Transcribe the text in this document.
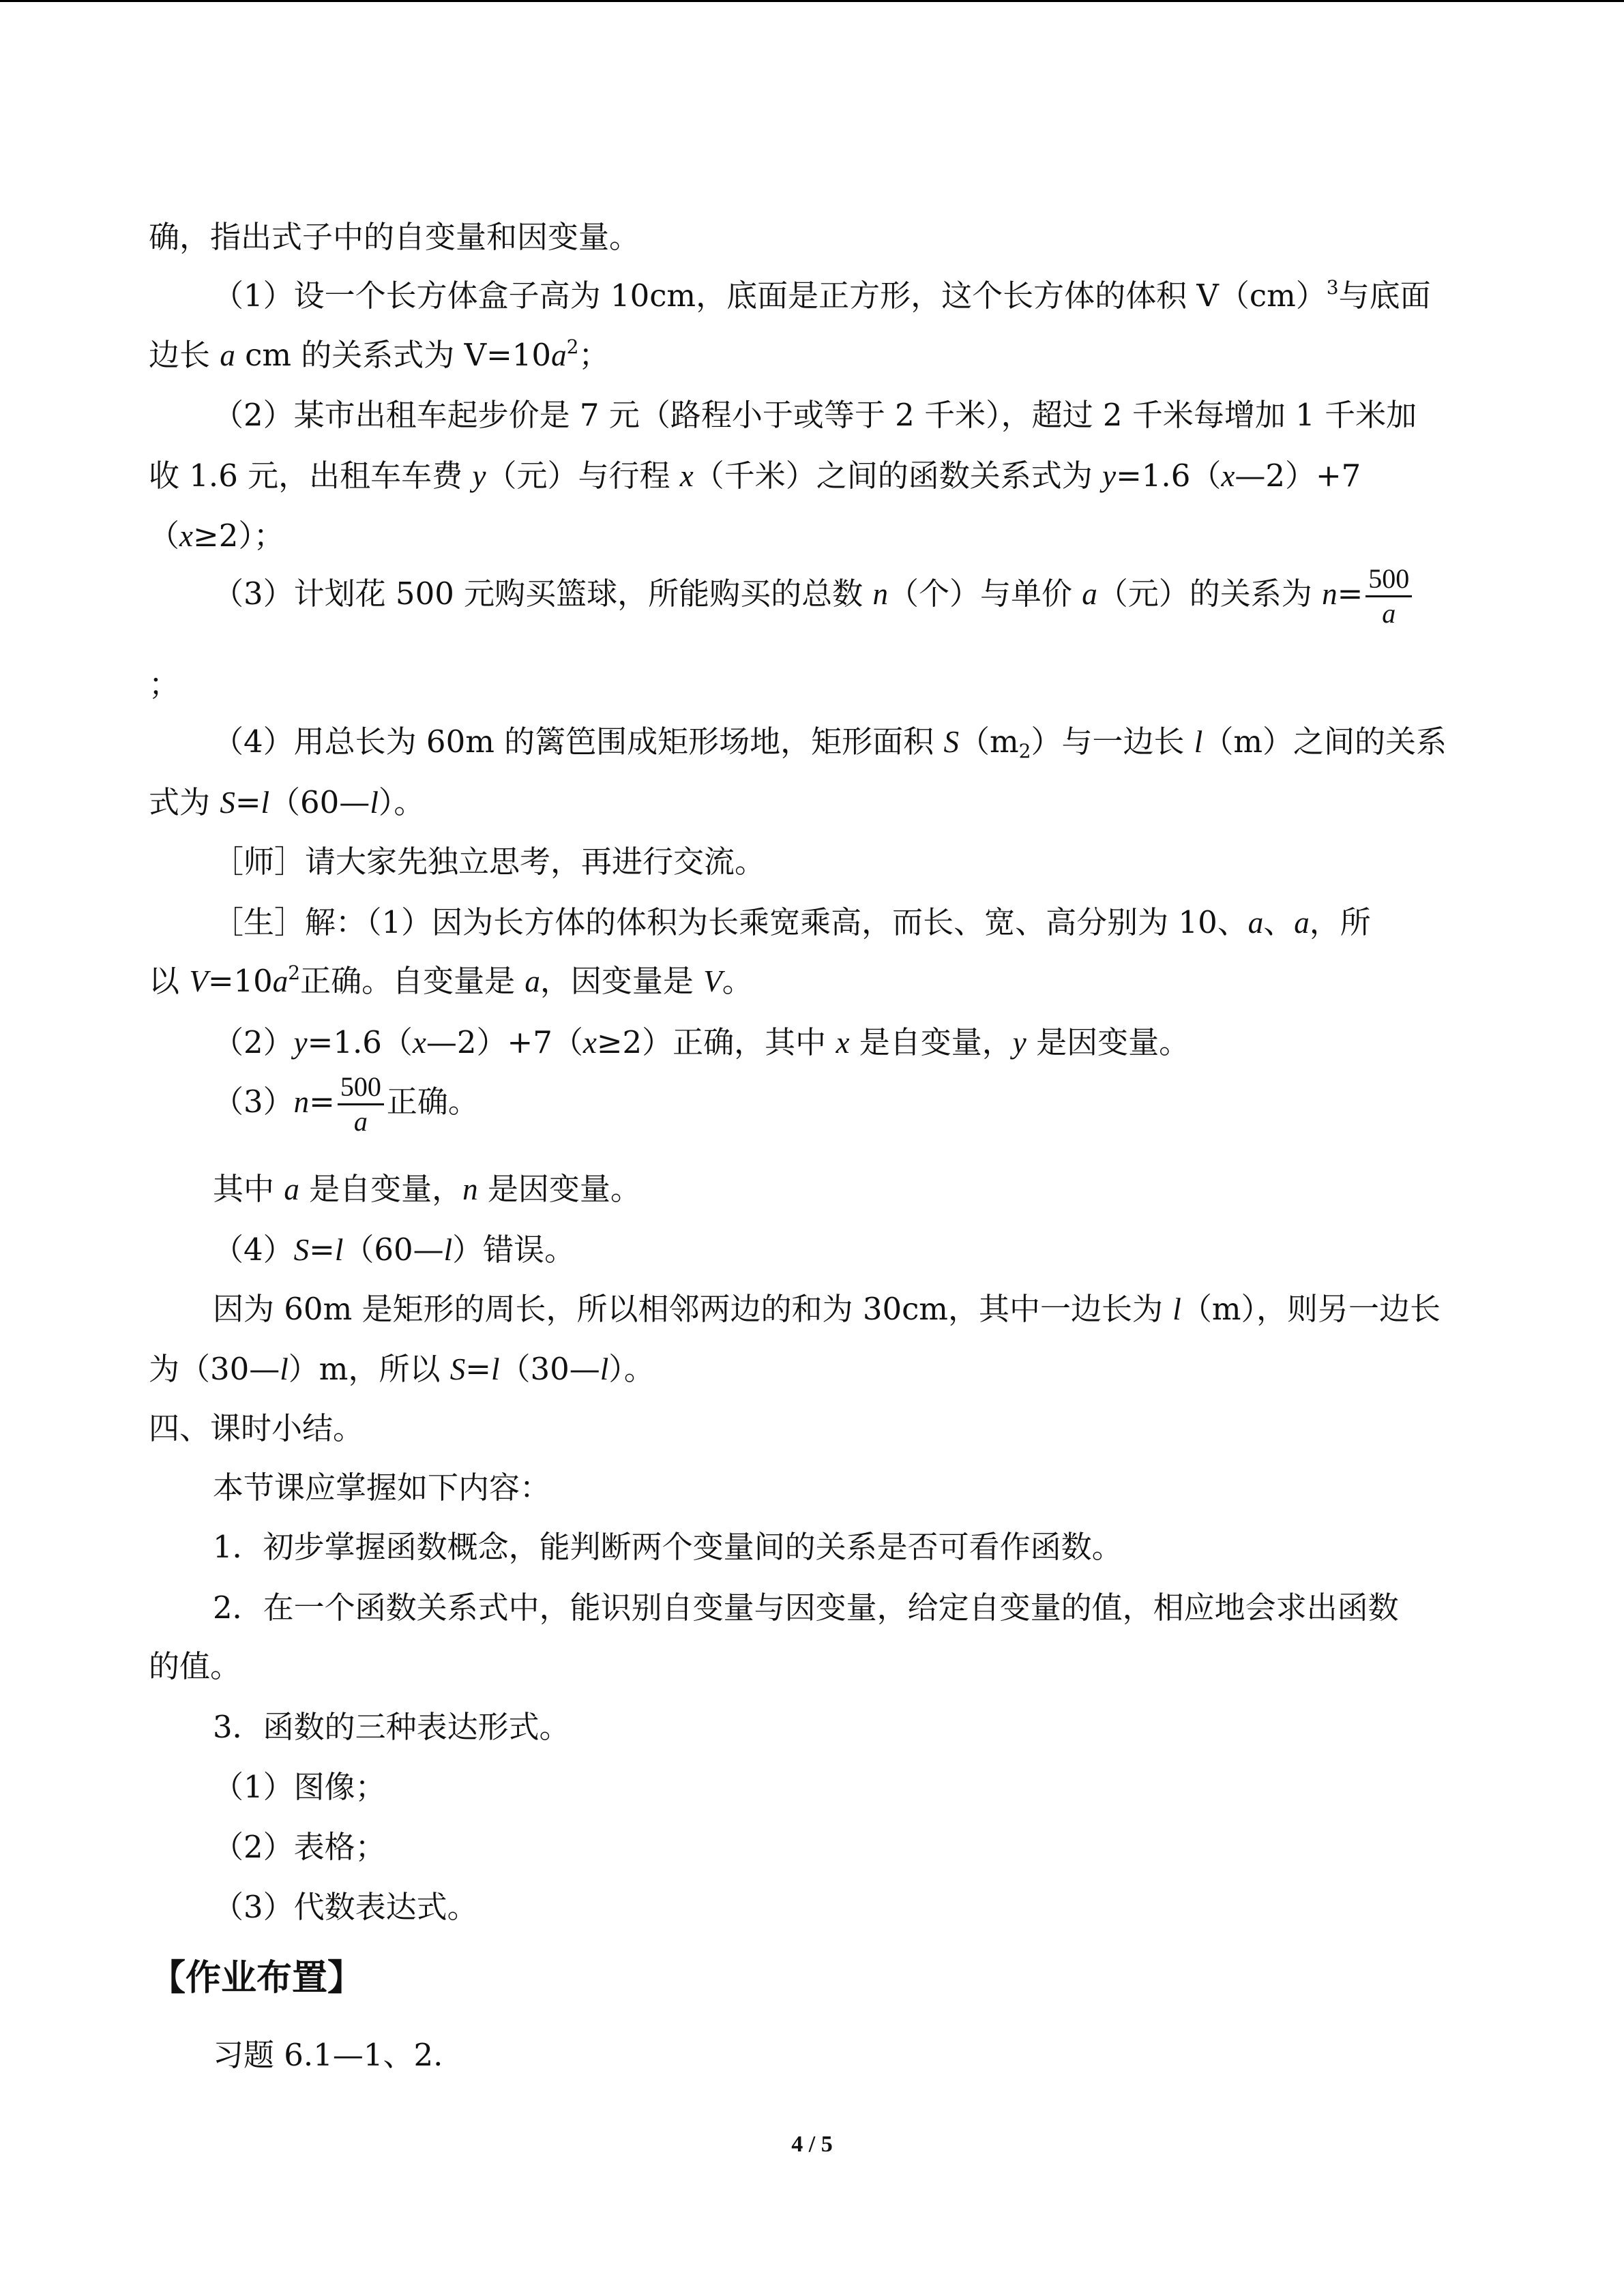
确，指出式子中的自变量和因变量。
（1）设一个长方体盒子高为 10cm，底面是正方形，这个长方体的体积 V（cm）$^3$与底面
边长 a cm 的关系式为 $V=10a^2$；
（2）某市出租车起步价是 7 元（路程小于或等于 2 千米），超过 2 千米每增加 1 千米加
收 1.6 元，出租车车费 y（元）与行程 x（千米）之间的函数关系式为 y=1.6（x—2）+7
（x≥2）；
（3）计划花 500 元购买篮球，所能购买的总数 n（个）与单价 a（元）的关系为 $n= \frac{500}{a}$
；
（4）用总长为 60m 的篱笆围成矩形场地，矩形面积 $S(m_2)$与一边长 l（m）之间的关系
式为 S=l（60—l）。
［师］请大家先独立思考，再进行交流。
［生］解：（1）因为长方体的体积为长乘宽乘高，而长、宽、高分别为 10、a、a，所
以 $V=10a^2$正确。自变量是 a，因变量是 V。
（2）y=1.6（x—2）+7（x≥2）正确，其中 x 是自变量，y 是因变量。
$(3)n= \frac{500}{a}$ 正确。
其中 a 是自变量，n 是因变量。
（4）S=l（60—l）错误。
因为 60m 是矩形的周长，所以相邻两边的和为 30cm，其中一边长为 l（m），则另一边长
为（30—l）m，所以 S=l（30—l）。
四、课时小结。
本节课应掌握如下内容：
1．初步掌握函数概念，能判断两个变量间的关系是否可看作函数。
2．在一个函数关系式中，能识别自变量与因变量，给定自变量的值，相应地会求出函数
的值。
3．函数的三种表达形式。
（1）图像；
（2）表格；
（3）代数表达式。
【作业布置】
习题 6.1—1、2.
4 / 5
